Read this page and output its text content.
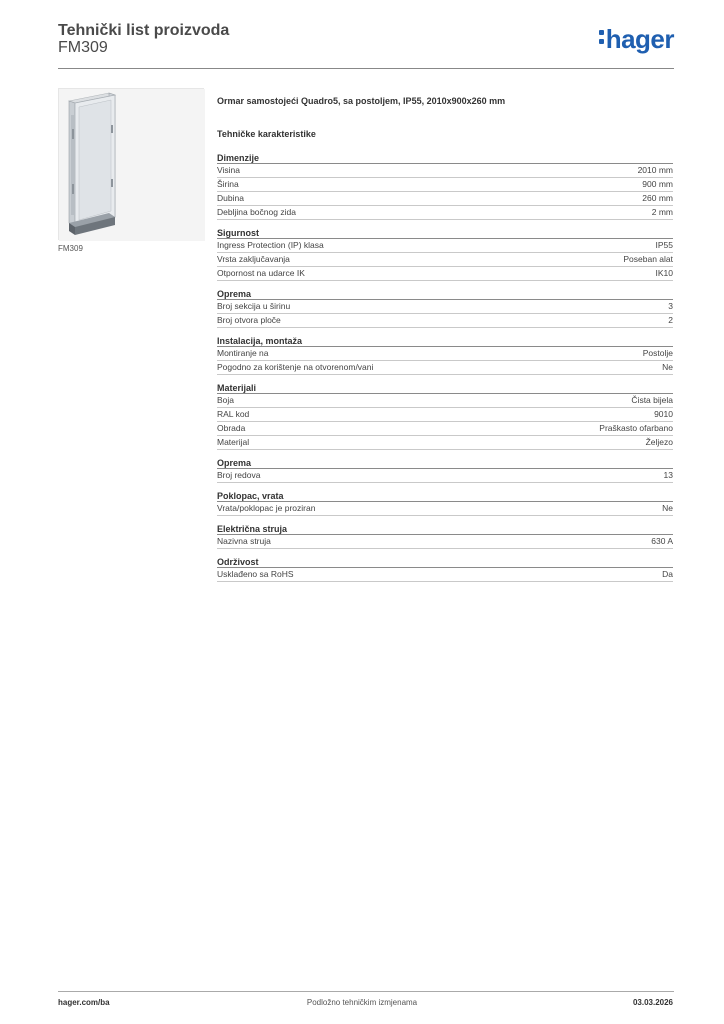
Tehnički list proizvoda
FM309	hager
FM309
Ormar samostojeći Quadro5, sa postoljem, IP55, 2010x900x260 mm
Tehničke karakteristike
Dimenzije
Visina	2010 mm
Širina	900 mm
Dubina	260 mm
Debljina bočnog zida	2 mm
Sigurnost
Ingress Protection (IP) klasa	IP55
Vrsta zaključavanja	Poseban alat
Otpornost na udarce IK	IK10
Oprema
Broj sekcija u širinu	3
Broj otvora ploče	2
Instalacija, montaža
Montiranje na	Postolje
Pogodno za korištenje na otvorenom/vani	Ne
Materijali
Boja	Čista bijela
RAL kod	9010
Obrada	Praškasto ofarbano
Materijal	Željezo
Oprema
Broj redova	13
Poklopac, vrata
Vrata/poklopac je proziran	Ne
Električna struja
Nazivna struja	630 A
Održivost
Usklađeno sa RoHS	Da
hager.com/ba	Podložno tehničkim izmjenama	03.03.2026
